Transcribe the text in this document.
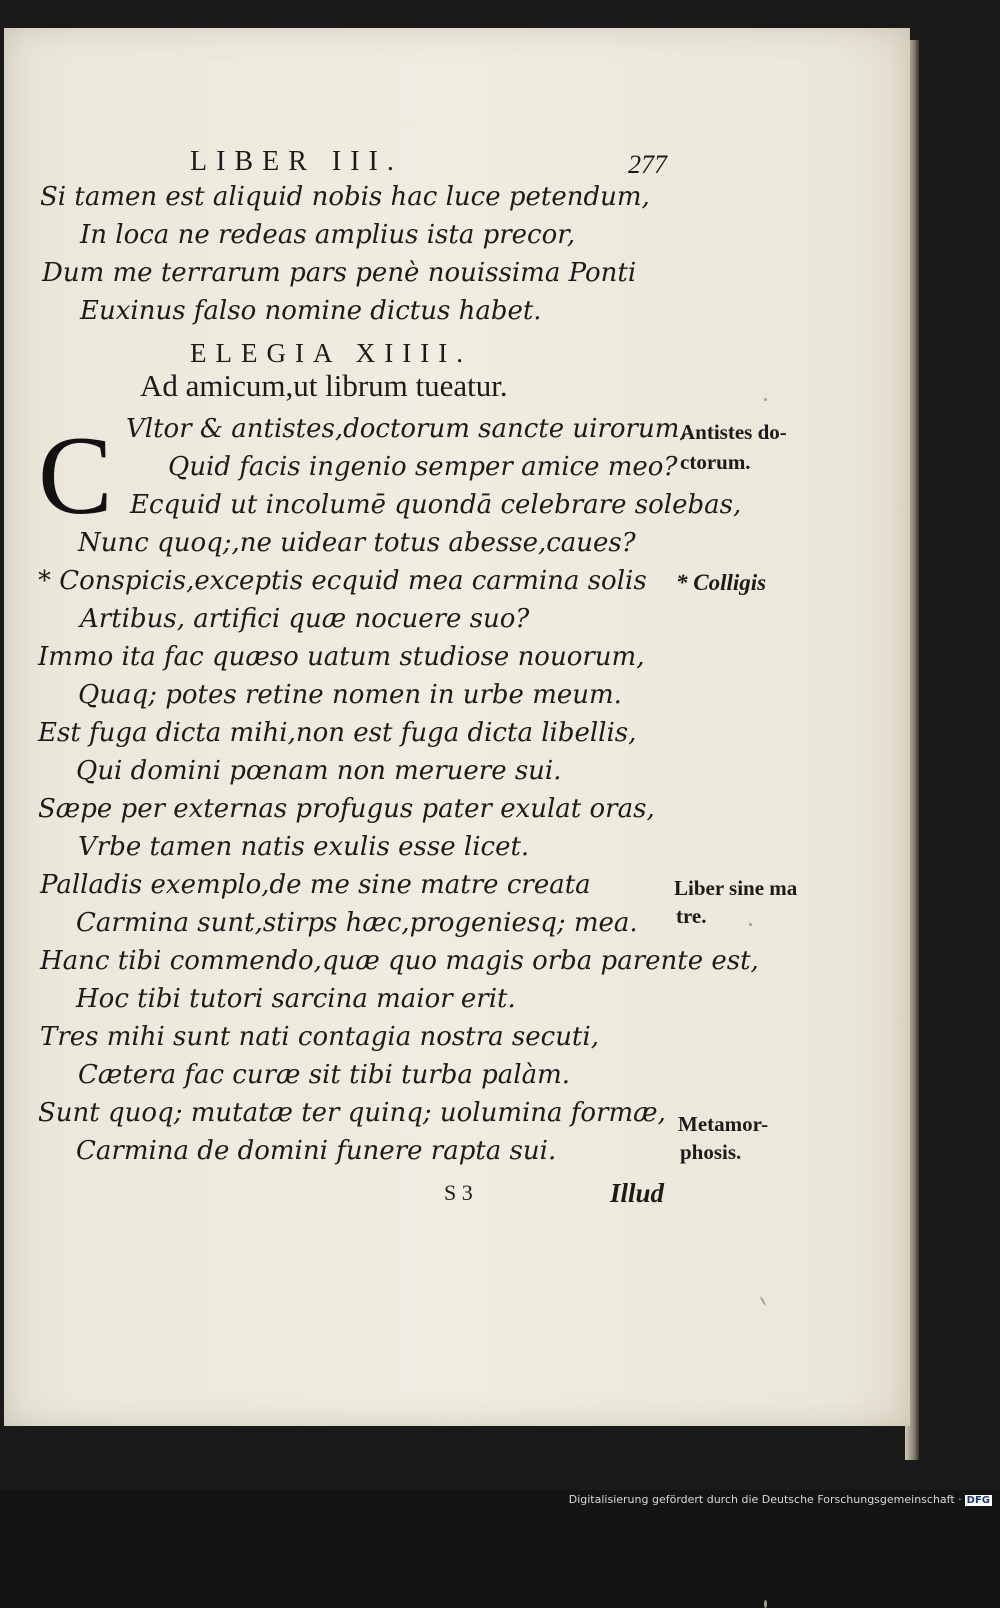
LIBER III.	277
Si tamen est aliquid nobis hac luce petendum,
In loca ne redeas amplius ista precor,
Dum me terrarum pars penè nouissima Ponti
Euxinus falso nomine dictus habet.
ELEGIA XIIII.
Ad amicum,ut librum tueatur.
C Vltor & antistes,doctorum sancte uirorum,
Quid facis ingenio semper amice meo?
Ecquid ut incolumē quondā celebrare solebas,
Nunc quoq;,ne uidear totus abesse,caues?
* Conspicis,exceptis ecquid mea carmina solis
Artibus, artifici quæ nocuere suo?
Immo ita fac quæso uatum studiose nouorum,
Quaq; potes retine nomen in urbe meum.
Est fuga dicta mihi,non est fuga dicta libellis,
Qui domini pœnam non meruere sui.
Sæpe per externas profugus pater exulat oras,
Vrbe tamen natis exulis esse licet.
Palladis exemplo,de me sine matre creata
Carmina sunt,stirps hæc,progeniesq; mea.
Hanc tibi commendo,quæ quo magis orba parente est,
Hoc tibi tutori sarcina maior erit.
Tres mihi sunt nati contagia nostra secuti,
Cætera fac curæ sit tibi turba palàm.
Sunt quoq; mutatæ ter quinq; uolumina formæ,
Carmina de domini funere rapta sui.
Antistes do-
ctorum.
* Colligis
Liber sine ma
tre.
Metamor-
phosis.
S 3	Illud
Digitalisierung gefördert durch die Deutsche Forschungsgemeinschaft · DFG
